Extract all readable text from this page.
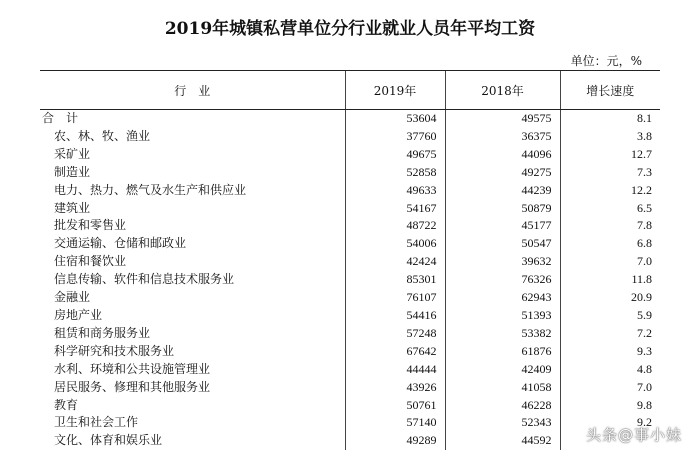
2019年城镇私营单位分行业就业人员年平均工资
单位：元，%
行　业	2019年	2018年	增长速度
合　计	53604	49575	8.1
农、林、牧、渔业	37760	36375	3.8
采矿业	49675	44096	12.7
制造业	52858	49275	7.3
电力、热力、燃气及水生产和供应业	49633	44239	12.2
建筑业	54167	50879	6.5
批发和零售业	48722	45177	7.8
交通运输、仓储和邮政业	54006	50547	6.8
住宿和餐饮业	42424	39632	7.0
信息传输、软件和信息技术服务业	85301	76326	11.8
金融业	76107	62943	20.9
房地产业	54416	51393	5.9
租赁和商务服务业	57248	53382	7.2
科学研究和技术服务业	67642	61876	9.3
水利、环境和公共设施管理业	44444	42409	4.8
居民服务、修理和其他服务业	43926	41058	7.0
教育	50761	46228	9.8
卫生和社会工作	57140	52343	9.2
文化、体育和娱乐业	49289	44592	头条@事小妹
